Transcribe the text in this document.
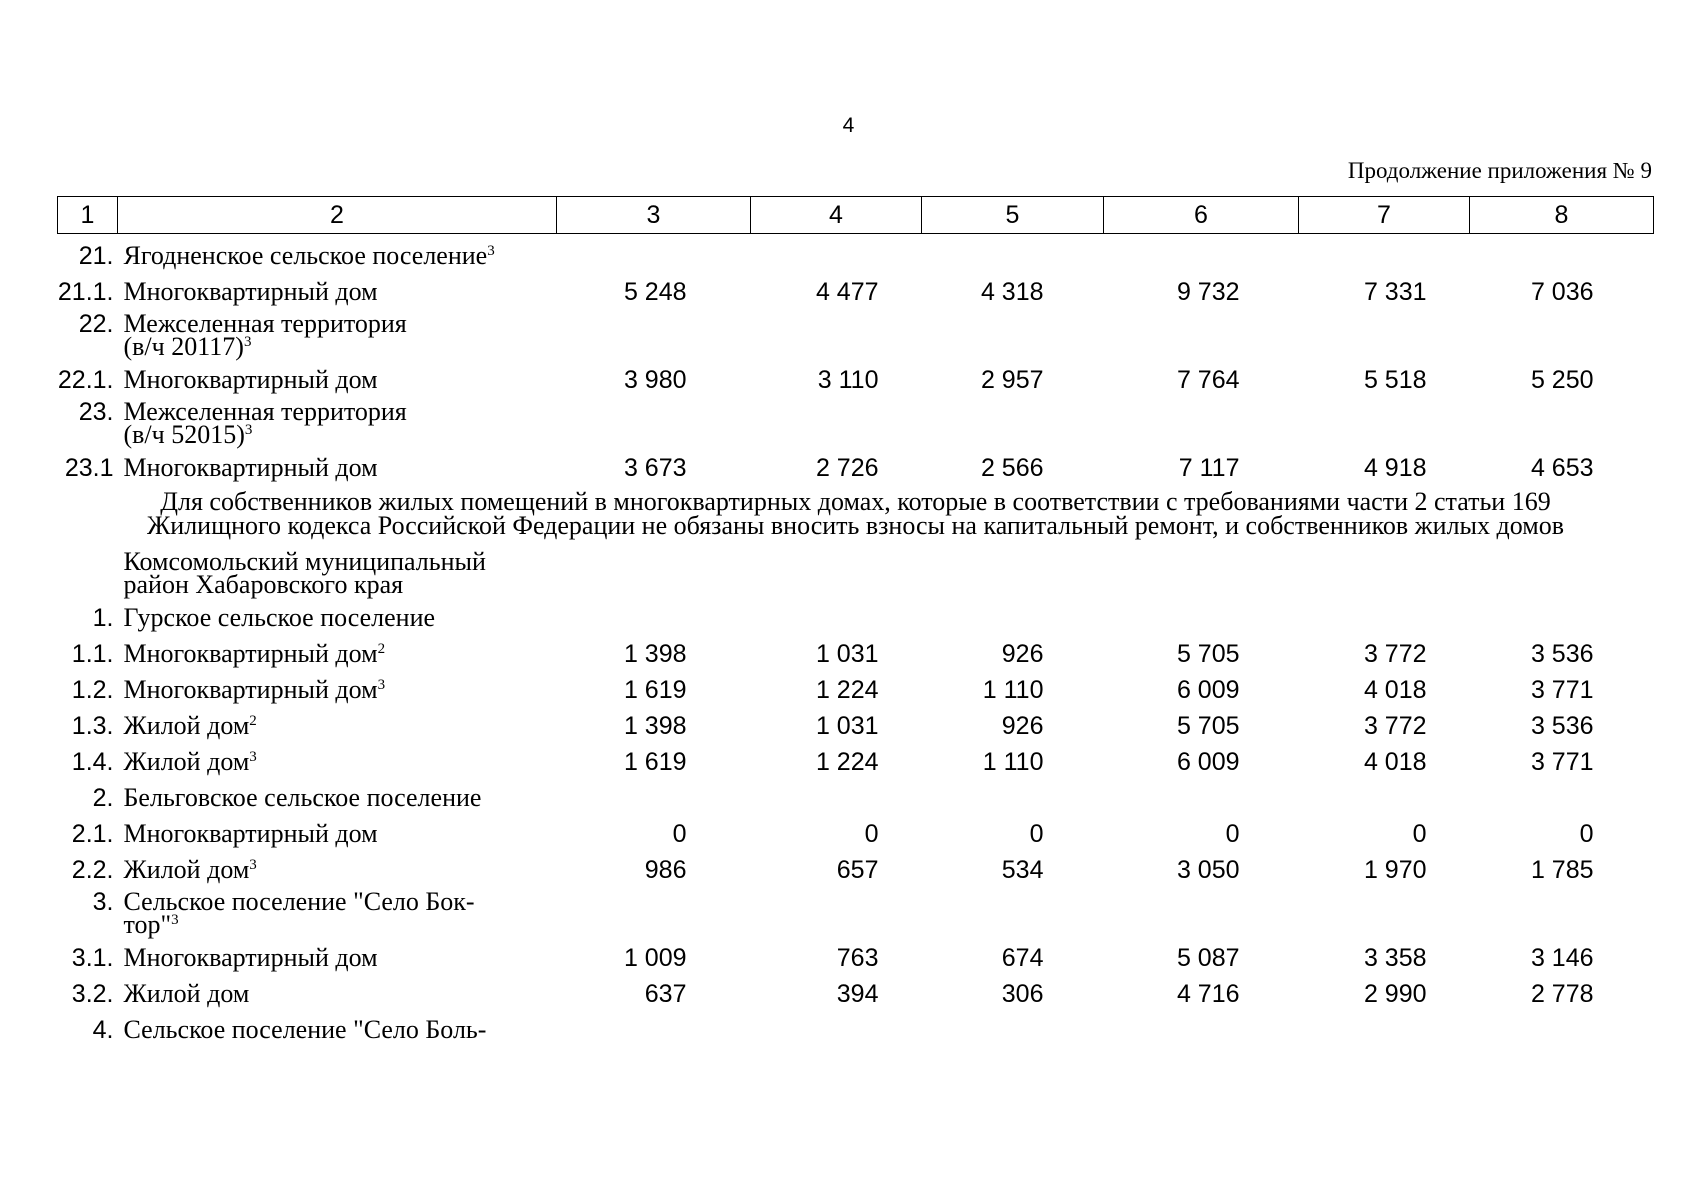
4
Продолжение приложения № 9
1	2	3	4	5	6	7	8
21.	Ягодненское сельское поселение$^3$						
21.1.	Многоквартирный дом	5 248	4 477	4 318	9 732	7 331	7 036
22.	Межселенная территория
(в/ч 20117)$^3$						
22.1.	Многоквартирный дом	3 980	3 110	2 957	7 764	5 518	5 250
23.	Межселенная территория
(в/ч 52015)$^3$						
23.1	Многоквартирный дом	3 673	2 726	2 566	7 117	4 918	4 653
Для собственников жилых помещений в многоквартирных домах, которые в соответствии с требованиями части 2 статьи 169
Жилищного кодекса Российской Федерации не обязаны вносить взносы на капитальный ремонт, и собственников жилых домов							
	Комсомольский муниципальный
район Хабаровского края						
1.	Гурское сельское поселение						
1.1.	Многоквартирный дом$^2$	1 398	1 031	926	5 705	3 772	3 536
1.2.	Многоквартирный дом$^3$	1 619	1 224	1 110	6 009	4 018	3 771
1.3.	Жилой дом$^2$	1 398	1 031	926	5 705	3 772	3 536
1.4.	Жилой дом$^3$	1 619	1 224	1 110	6 009	4 018	3 771
2.	Бельговское сельское поселение						
2.1.	Многоквартирный дом	0	0	0	0	0	0
2.2.	Жилой дом$^3$	986	657	534	3 050	1 970	1 785
3.	Сельское поселение "Село Бок-
тор"$^3$						
3.1.	Многоквартирный дом	1 009	763	674	5 087	3 358	3 146
3.2.	Жилой дом	637	394	306	4 716	2 990	2 778
4.	Сельское поселение "Село Боль-						
